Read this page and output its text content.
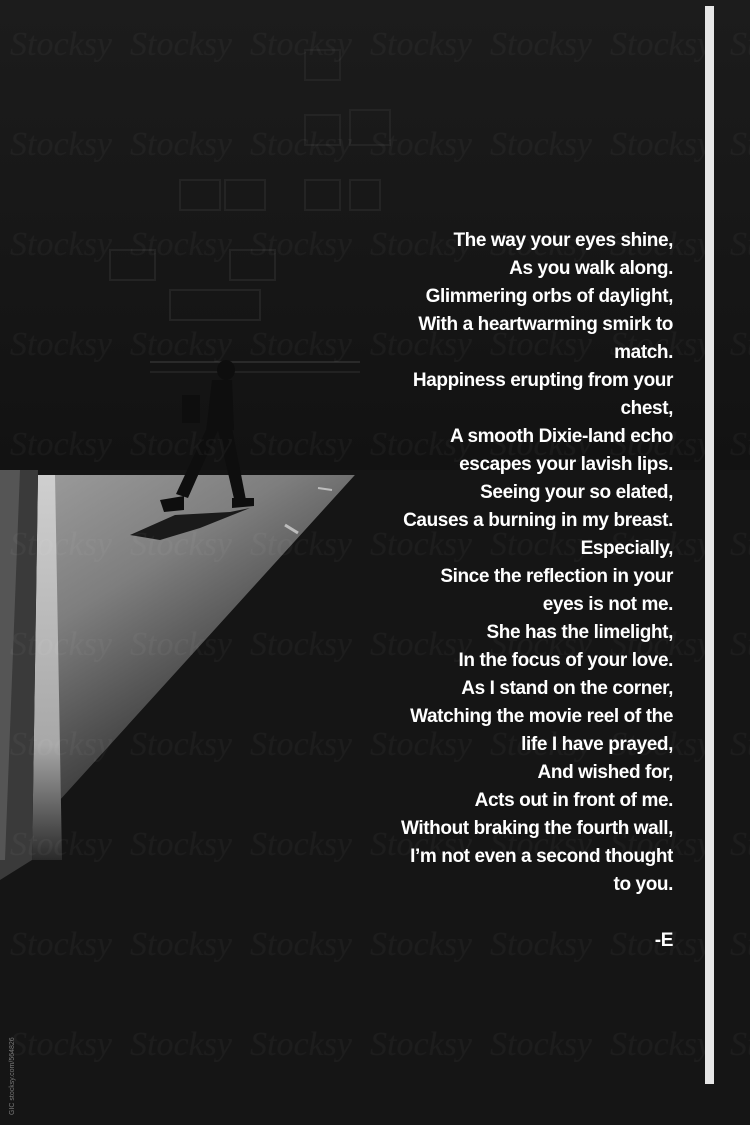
The way your eyes shine,
As you walk along.
Glimmering orbs of daylight,
With a heartwarming smirk to match.
Happiness erupting from your chest,
A smooth Dixie-land echo escapes your lavish lips.
Seeing your so elated,
Causes a burning in my breast.
Especially,
Since the reflection in your eyes is not me.
She has the limelight,
In the focus of your love.
As I stand on the corner,
Watching the movie reel of the life I have prayed,
And wished for,
Acts out in front of me.
Without braking the fourth wall,
I’m not even a second thought to you.
-E
GIC stocksy.com/564826
